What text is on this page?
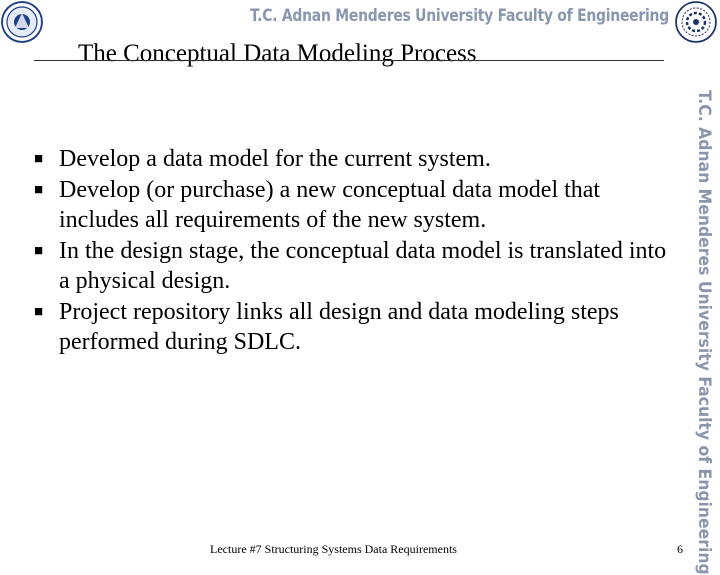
T.C. Adnan Menderes University Faculty of Engineering
The Conceptual Data Modeling Process
T.C. Adnan Menderes University Faculty of Engineering
■ Develop a data model for the current system.
■ Develop (or purchase) a new conceptual data model that includes all requirements of the new system.
■ In the design stage, the conceptual data model is translated into a physical design.
■ Project repository links all design and data modeling steps performed during SDLC.
Lecture #7 Structuring Systems Data Requirements	6
